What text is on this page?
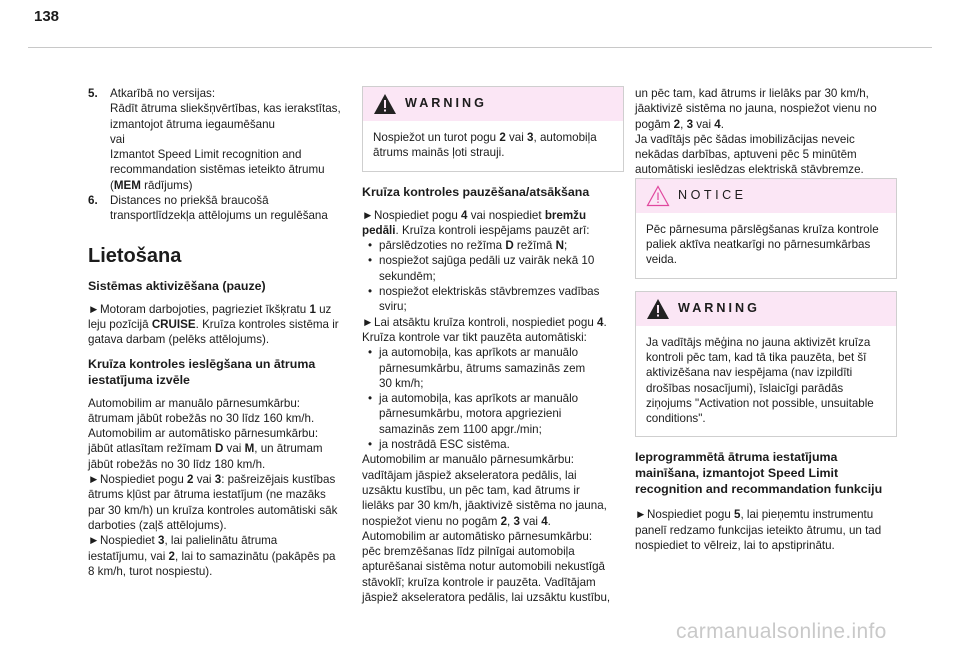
138
5. Atkarībā no versijas:
Rādīt ātruma sliekšņvērtības, kas ierakstītas,
izmantojot ātruma iegaumēšanu
vai
Izmantot Speed Limit recognition and
recommandation sistēmas ieteikto ātrumu
(MEM rādījums)

6. Distances no priekšā braucošā
transportlīdzekļa attēlojums un regulēšana

Lietošana
Sistēmas aktivizēšana (pauze)

►Motoram darbojoties, pagrieziet īkšķratu 1 uz
leju pozīcijā CRUISE. Kruīza kontroles sistēma ir
gatava darbam (pelēks attēlojums).

Kruīza kontroles ieslēgšana un ātruma
iestatījuma izvēle

Automobilim ar manuālo pārnesumkārbu:
ātrumam jābūt robežās no 30 līdz 160 km/h.
Automobilim ar automātisko pārnesumkārbu:
jābūt atlasītam režīmam D vai M, un ātrumam
jābūt robežās no 30 līdz 180 km/h.
►Nospiediet pogu 2 vai 3: pašreizējais kustības
ātrums kļūst par ātruma iestatījum (ne mazāks
par 30 km/h) un kruīza kontroles automātiski sāk
darboties (zaļš attēlojums).
►Nospiediet 3, lai palielinātu ātruma
iestatījumu, vai 2, lai to samazinātu (pakāpēs pa
8 km/h, turot nospiestu).

WARNING
Nospiežot un turot pogu 2 vai 3, automobiļa
ātrums mainās ļoti strauji.
Kruīza kontroles pauzēšana/atsākšana

►Nospiediet pogu 4 vai nospiediet bremžu
pedāli. Kruīza kontroli iespējams pauzēt arī:

• pārslēdzoties no režīma D režīmā N;
• nospiežot sajūga pedāli uz vairāk nekā 10
sekundēm;
• nospiežot elektriskās stāvbremzes vadības
sviru;

►Lai atsāktu kruīza kontroli, nospiediet pogu 4.
Kruīza kontrole var tikt pauzēta automātiski:

• ja automobiļa, kas aprīkots ar manuālo
pārnesumkārbu, ātrums samazinās zem
30 km/h;
• ja automobiļa, kas aprīkots ar manuālo
pārnesumkārbu, motora apgriezieni
samazinās zem 1100 apgr./min;
• ja nostrādā ESC sistēma.

Automobilim ar manuālo pārnesumkārbu:
vadītājam jāspiež akseleratora pedālis, lai
uzsāktu kustību, un pēc tam, kad ātrums ir
lielāks par 30 km/h, jāaktivizē sistēma no jauna,
nospiežot vienu no pogām 2, 3 vai 4.
Automobilim ar automātisko pārnesumkārbu:
pēc bremzēšanas līdz pilnīgai automobiļa
apturēšanai sistēma notur automobili nekustīgā
stāvoklī; kruīza kontrole ir pauzēta. Vadītājam
jāspiež akseleratora pedālis, lai uzsāktu kustību,

un pēc tam, kad ātrums ir lielāks par 30 km/h,
jāaktivizē sistēma no jauna, nospiežot vienu no
pogām 2, 3 vai 4.
Ja vadītājs pēc šādas imobilizācijas neveic
nekādas darbības, aptuveni pēc 5 minūtēm
automātiski ieslēdzas elektriskā stāvbremze.

NOTICE
Pēc pārnesuma pārslēgšanas kruīza kontrole
paliek aktīva neatkarīgi no pārnesumkārbas
veida.
WARNING
Ja vadītājs mēģina no jauna aktivizēt kruīza
kontroli pēc tam, kad tā tika pauzēta, bet šī
aktivizēšana nav iespējama (nav izpildīti
drošības nosacījumi), īslaicīgi parādās
ziņojums "Activation not possible, unsuitable
conditions".
Ieprogrammētā ātruma iestatījuma
mainīšana, izmantojot Speed Limit
recognition and recommandation funkciju

►Nospiediet pogu 5, lai pieņemtu instrumentu
panelī redzamo funkcijas ieteikto ātrumu, un tad
nospiediet to vēlreiz, lai to apstiprinātu.

carmanualsonline.info
